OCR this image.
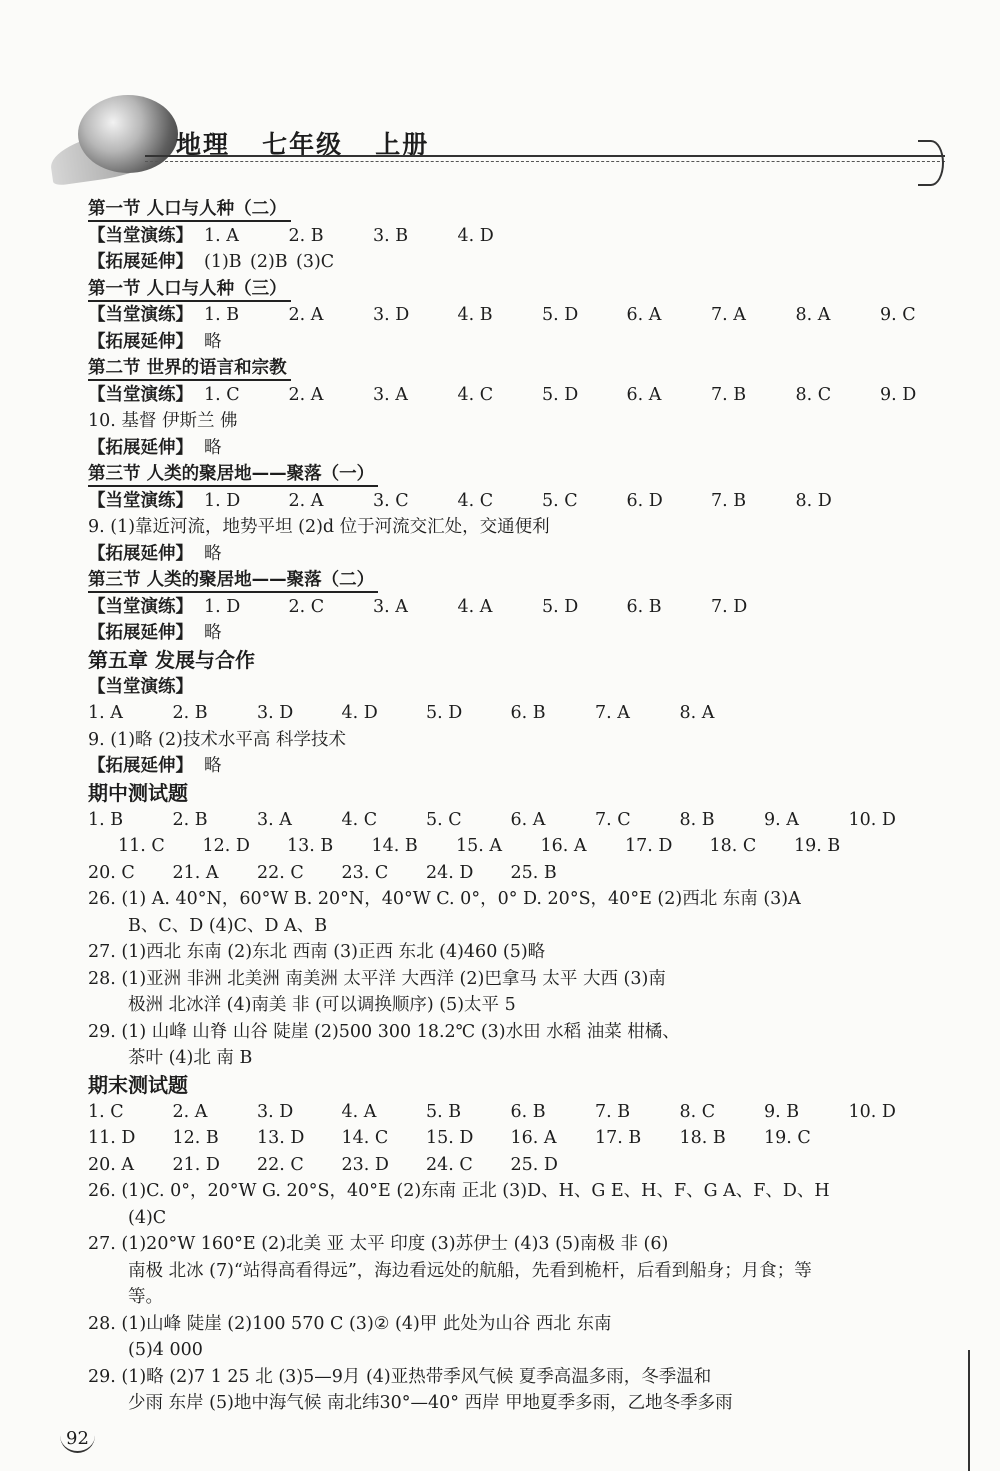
地理   七年级   上册
第一节 人口与人种（二）
【当堂演练】 1. A	2. B	3. B	4. D
【拓展延伸】 (1)B (2)B (3)C
第一节 人口与人种（三）
【当堂演练】 1. B	2. A	3. D	4. B	5. D	6. A	7. A	8. A	9. C
【拓展延伸】 略
第二节 世界的语言和宗教
【当堂演练】 1. C	2. A	3. A	4. C	5. D	6. A	7. B	8. C	9. D
10. 基督 伊斯兰 佛
【拓展延伸】 略
第三节 人类的聚居地——聚落（一）
【当堂演练】 1. D	2. A	3. C	4. C	5. C	6. D	7. B	8. D
9. (1)靠近河流，地势平坦 (2)d 位于河流交汇处，交通便利
【拓展延伸】 略
第三节 人类的聚居地——聚落（二）
【当堂演练】 1. D	2. C	3. A	4. A	5. D	6. B	7. D
【拓展延伸】 略
第五章 发展与合作
【当堂演练】
1. A	2. B	3. D	4. D	5. D	6. B	7. A	8. A
9. (1)略 (2)技术水平高 科学技术
【拓展延伸】 略
期中测试题
1. B	2. B	3. A	4. C	5. C	6. A	7. C	8. B	9. A	10. D
11. C 12. D 13. B 14. B 15. A 16. A 17. D 18. C 19. B
20. C 21. A 22. C 23. C 24. D 25. B
26. (1) A. 40°N，60°W B. 20°N，40°W C. 0°，0° D. 20°S，40°E (2)西北 东南 (3)A
B、C、D (4)C、D A、B
27. (1)西北 东南 (2)东北 西南 (3)正西 东北 (4)460 (5)略
28. (1)亚洲 非洲 北美洲 南美洲 太平洋 大西洋 (2)巴拿马 太平 大西 (3)南
极洲 北冰洋 (4)南美 非 (可以调换顺序) (5)太平 5
29. (1) 山峰 山脊 山谷 陡崖 (2)500 300 18.2℃ (3)水田 水稻 油菜 柑橘、
茶叶 (4)北 南 B
期末测试题
1. C	2. A	3. D	4. A	5. B	6. B	7. B	8. C	9. B	10. D
11. D 12. B 13. D 14. C 15. D 16. A 17. B 18. B 19. C
20. A 21. D 22. C 23. D 24. C 25. D
26. (1)C. 0°，20°W G. 20°S，40°E (2)东南 正北 (3)D、H、G E、H、F、G A、F、D、H
(4)C
27. (1)20°W 160°E (2)北美 亚 太平 印度 (3)苏伊士 (4)3 (5)南极 非 (6)
南极 北冰 (7)“站得高看得远”，海边看远处的航船，先看到桅杆，后看到船身；月食；等
等。
28. (1)山峰 陡崖 (2)100 570 C (3)② (4)甲 此处为山谷 西北 东南
(5)4 000
29. (1)略 (2)7 1 25 北 (3)5—9月 (4)亚热带季风气候 夏季高温多雨，冬季温和
少雨 东岸 (5)地中海气候 南北纬30°—40° 西岸 甲地夏季多雨，乙地冬季多雨
92
